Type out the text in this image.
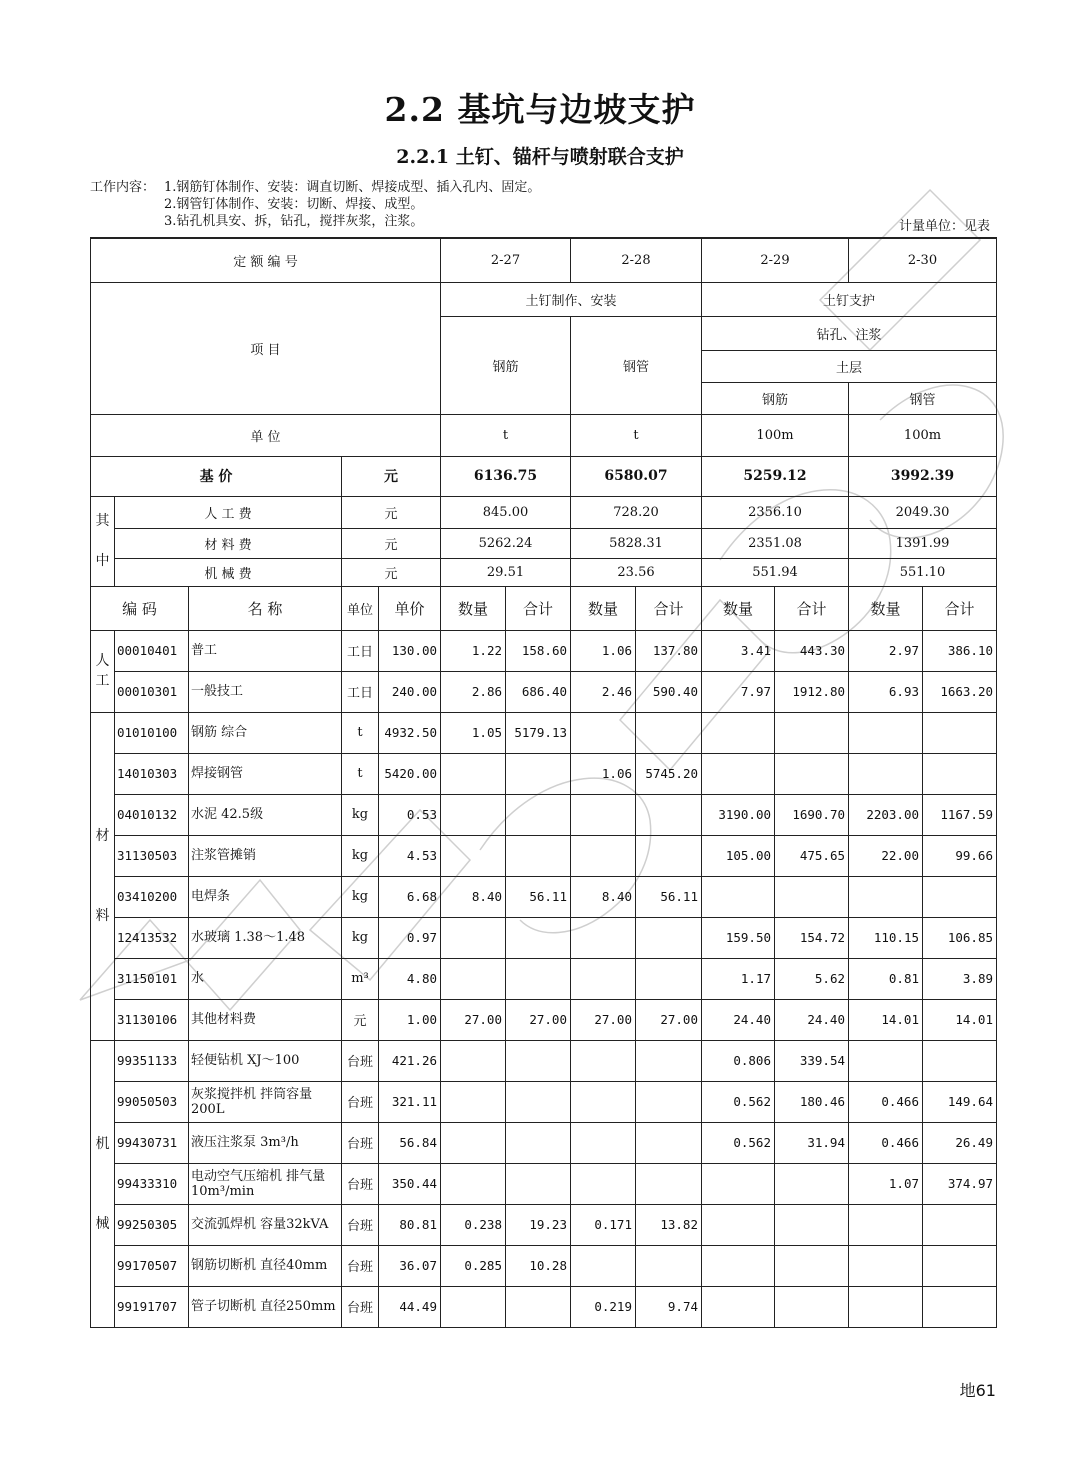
2.2 基坑与边坡支护
2.2.1 土钉、锚杆与喷射联合支护
工作内容： 1.钢筋钉体制作、安装：调直切断、焊接成型、插入孔内、固定。
2.钢管钉体制作、安装：切断、焊接、成型。
3.钻孔机具安、拆，钻孔，搅拌灰浆，注浆。	计量单位：见表
定 额 编 号					2-27		2-28		2-29		2-30	
项 目					土钉制作、安装				土钉支护			
					钢筋		钢管		钻孔、注浆			
									土层			
									钢筋		钢管	
单 位					t		t		100m		100m	
基 价			元		6136.75		6580.07		5259.12		3992.39	
其

中	人 工 费		元		845.00		728.20		2356.10		2049.30	
	材 料 费		元		5262.24		5828.31		2351.08		1391.99	
	机 械 费		元		29.51		23.56		551.94		551.10	
编 码		名 称	单位	单价	数量	合计	数量	合计	数量	合计	数量	合计
人
工	00010401	普工	工日	130.00	1.22	158.60	1.06	137.80	3.41	443.30	2.97	386.10
	00010301	一般技工	工日	240.00	2.86	686.40	2.46	590.40	7.97	1912.80	6.93	1663.20
材

料	01010100	钢筋 综合	t	4932.50	1.05	5179.13						
	14010303	焊接钢管	t	5420.00			1.06	5745.20				
	04010132	水泥 42.5级	kg	0.53					3190.00	1690.70	2203.00	1167.59
	31130503	注浆管摊销	kg	4.53					105.00	475.65	22.00	99.66
	03410200	电焊条	kg	6.68	8.40	56.11	8.40	56.11				
	12413532	水玻璃 1.38～1.48	kg	0.97					159.50	154.72	110.15	106.85
	31150101	水	m³	4.80					1.17	5.62	0.81	3.89
	31130106	其他材料费	元	1.00	27.00	27.00	27.00	27.00	24.40	24.40	14.01	14.01
机

械	99351133	轻便钻机 XJ～100	台班	421.26					0.806	339.54		
	99050503	灰浆搅拌机 拌筒容量200L	台班	321.11					0.562	180.46	0.466	149.64
	99430731	液压注浆泵 3m³/h	台班	56.84					0.562	31.94	0.466	26.49
	99433310	电动空气压缩机 排气量10m³/min	台班	350.44							1.07	374.97
	99250305	交流弧焊机 容量32kVA	台班	80.81	0.238	19.23	0.171	13.82				
	99170507	钢筋切断机 直径40mm	台班	36.07	0.285	10.28						
	99191707	管子切断机 直径250mm	台班	44.49			0.219	9.74				
地61
